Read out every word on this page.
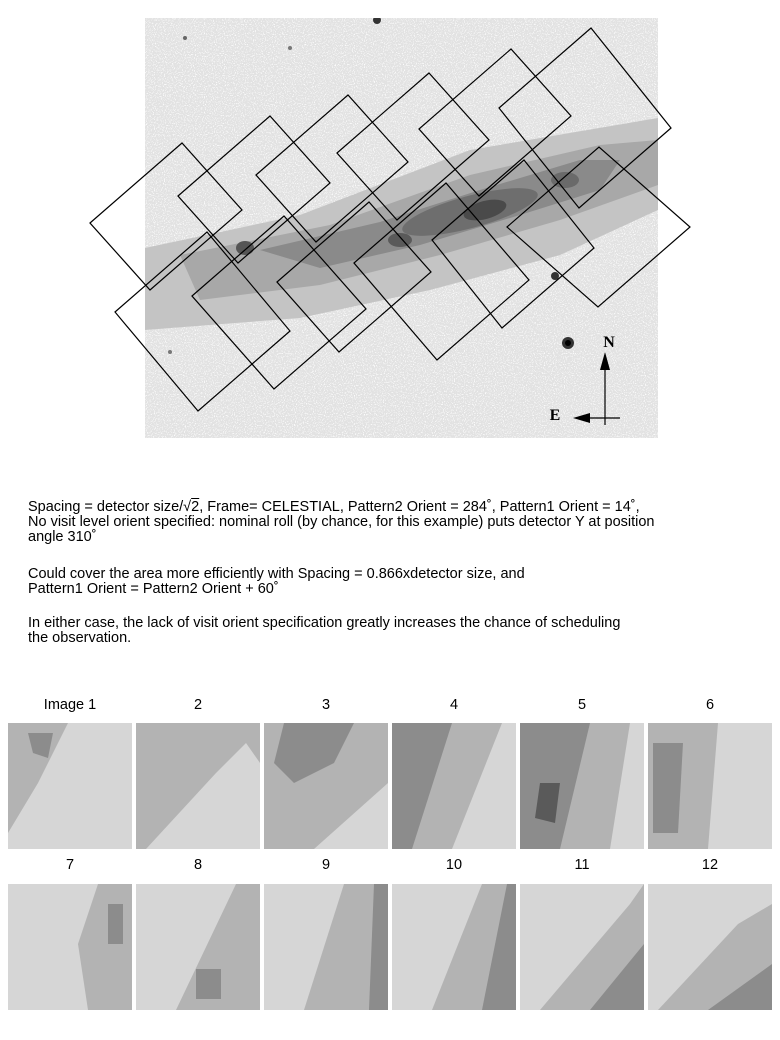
N
E
Spacing = detector size/√2, Frame= CELESTIAL, Pattern2 Orient = 284˚, Pattern1 Orient = 14˚,
No visit level orient specified: nominal roll (by chance, for this example) puts detector Y at position
angle 310˚
Could cover the area more efficiently with Spacing = 0.866xdetector size, and
Pattern1 Orient = Pattern2 Orient + 60˚
In either case, the lack of visit orient specification greatly increases the chance of scheduling
the observation.
Image 1	2	3	4	5	6
7	8	9	10	11	12
